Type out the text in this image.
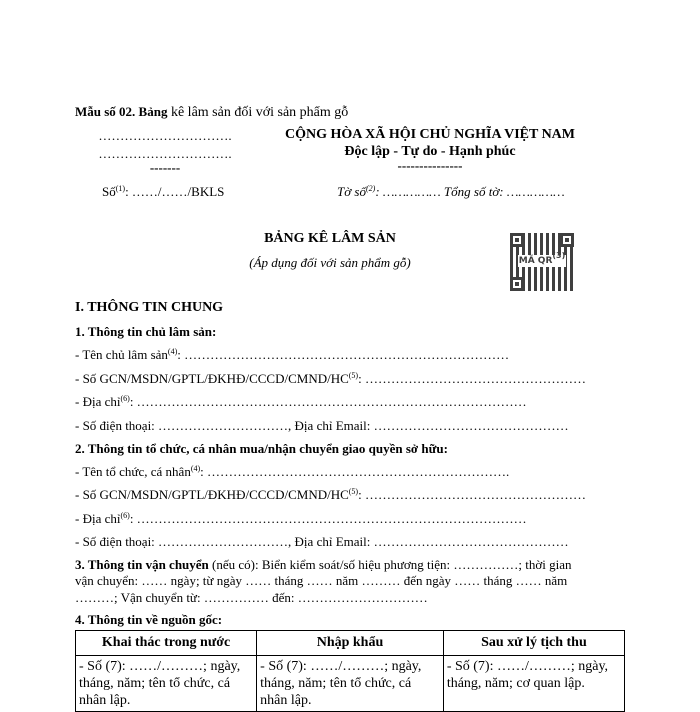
Mẫu số 02. Bảng kê lâm sản đối với sản phẩm gỗ
………………………….
………………………….
-------
CỘNG HÒA XÃ HỘI CHỦ NGHĨA VIỆT NAM
Độc lập - Tự do - Hạnh phúc
---------------
Số$^{(1)}$: ……/……/BKLS	Tờ số$^{(2)}$: …………… Tổng số tờ: ……………
BẢNG KÊ LÂM SẢN
(Áp dụng đối với sản phẩm gỗ)	MÃ QR$^{(3)}$
I. THÔNG TIN CHUNG
1. Thông tin chủ lâm sản:
- Tên chủ lâm sản$^{(4)}$: …………………………………………………………………
- Số GCN/MSDN/GPTL/ĐKHĐ/CCCD/CMND/HC$^{(5)}$: ……………………………………………
- Địa chỉ$^{(6)}$: ………………………………………………………………………………
- Số điện thoại: …………………………, Địa chỉ Email: ………………………………………
2. Thông tin tổ chức, cá nhân mua/nhận chuyển giao quyền sở hữu:
- Tên tổ chức, cá nhân$^{(4)}$: …………………………………………………………….
- Số GCN/MSDN/GPTL/ĐKHĐ/CCCD/CMND/HC$^{(5)}$: ……………………………………………
- Địa chỉ$^{(6)}$: ………………………………………………………………………………
- Số điện thoại: …………………………, Địa chỉ Email: ………………………………………
3. Thông tin vận chuyển (nếu có): Biển kiểm soát/số hiệu phương tiện: ……………; thời gian
vận chuyển: …… ngày; từ ngày …… tháng …… năm ……… đến ngày …… tháng …… năm
………; Vận chuyển từ: …………… đến: …………………………
4. Thông tin về nguồn gốc:
Khai thác trong nước	Nhập khẩu	Sau xử lý tịch thu
- Số (7): ……/………; ngày, tháng, năm; tên tổ chức, cá nhân lập.	- Số (7): ……/………; ngày, tháng, năm; tên tổ chức, cá nhân lập.	- Số (7): ……/………; ngày, tháng, năm; cơ quan lập.
